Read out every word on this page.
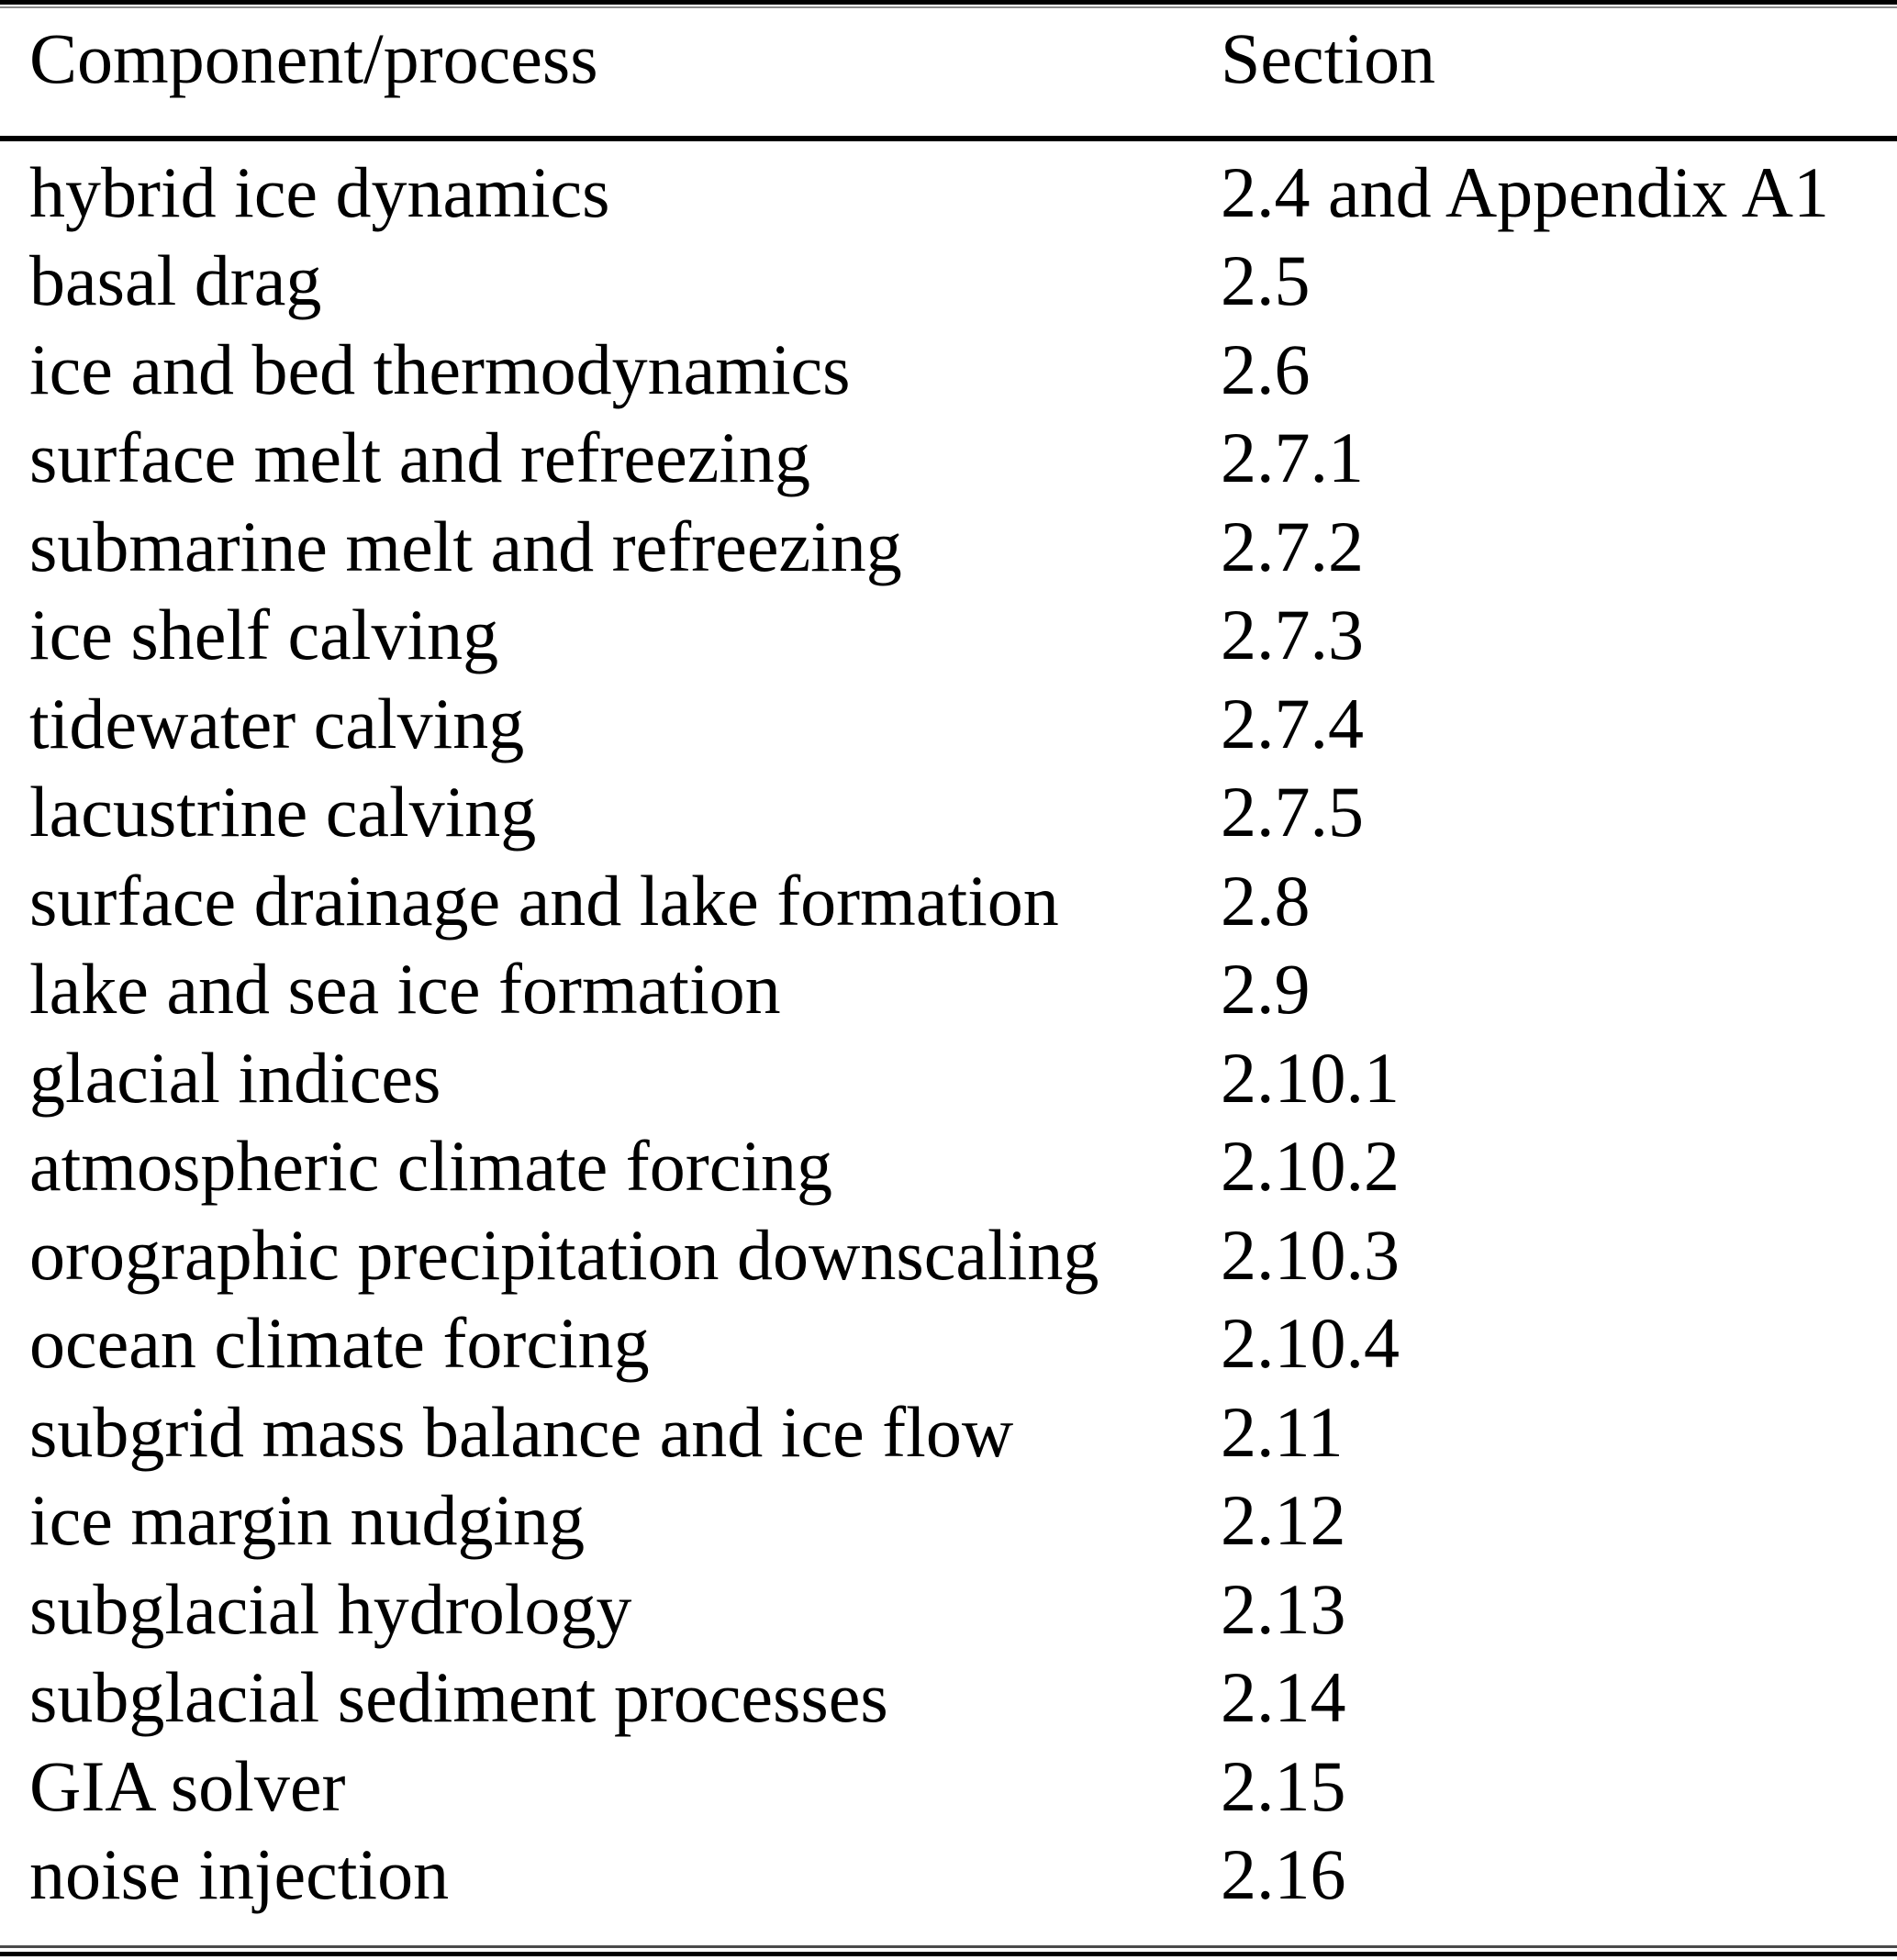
Component/process	Section
hybrid ice dynamics	2.4 and Appendix A1
basal drag	2.5
ice and bed thermodynamics	2.6
surface melt and refreezing	2.7.1
submarine melt and refreezing	2.7.2
ice shelf calving	2.7.3
tidewater calving	2.7.4
lacustrine calving	2.7.5
surface drainage and lake formation	2.8
lake and sea ice formation	2.9
glacial indices	2.10.1
atmospheric climate forcing	2.10.2
orographic precipitation downscaling	2.10.3
ocean climate forcing	2.10.4
subgrid mass balance and ice flow	2.11
ice margin nudging	2.12
subglacial hydrology	2.13
subglacial sediment processes	2.14
GIA solver	2.15
noise injection	2.16
